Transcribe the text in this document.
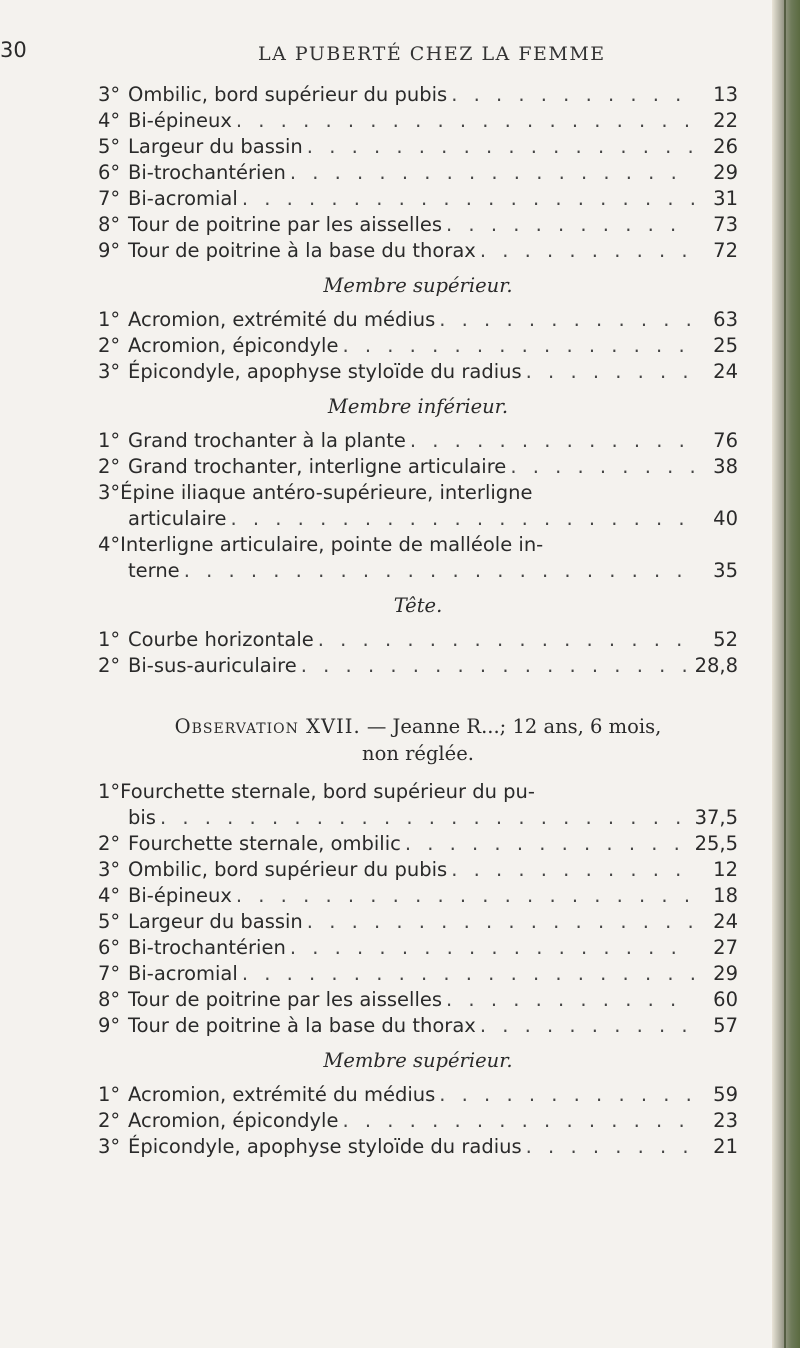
30	LA PUBERTÉ CHEZ LA FEMME
3° Ombilic, bord supérieur du pubis . . .	13
4° Bi-épineux . . .	22
5° Largeur du bassin . . .	26
6° Bi-trochantérien . . .	29
7° Bi-acromial . . .	31
8° Tour de poitrine par les aisselles . . .	73
9° Tour de poitrine à la base du thorax . . .	72
Membre supérieur.
1° Acromion, extrémité du médius . . .	63
2° Acromion, épicondyle . . .	25
3° Épicondyle, apophyse styloïde du radius . . .	24
Membre inférieur.
1° Grand trochanter à la plante . . .	76
2° Grand trochanter, interligne articulaire . . .	38
3°Épine iliaque antéro-supérieure, interligne
articulaire . . .	40
4°Interligne articulaire, pointe de malléole in-
terne . . .	35
Tête.
1° Courbe horizontale . . .	52
2° Bi-sus-auriculaire . . .	28,8
Observation XVII. — Jeanne R...; 12 ans, 6 mois,
non réglée.
1°Fourchette sternale, bord supérieur du pu-
bis . . .	37,5
2° Fourchette sternale, ombilic . . .	25,5
3° Ombilic, bord supérieur du pubis . . .	12
4° Bi-épineux . . .	18
5° Largeur du bassin . . .	24
6° Bi-trochantérien . . .	27
7° Bi-acromial . . .	29
8° Tour de poitrine par les aisselles . . .	60
9° Tour de poitrine à la base du thorax . . .	57
Membre supérieur.
1° Acromion, extrémité du médius . . .	59
2° Acromion, épicondyle . . .	23
3° Épicondyle, apophyse styloïde du radius . . .	21
